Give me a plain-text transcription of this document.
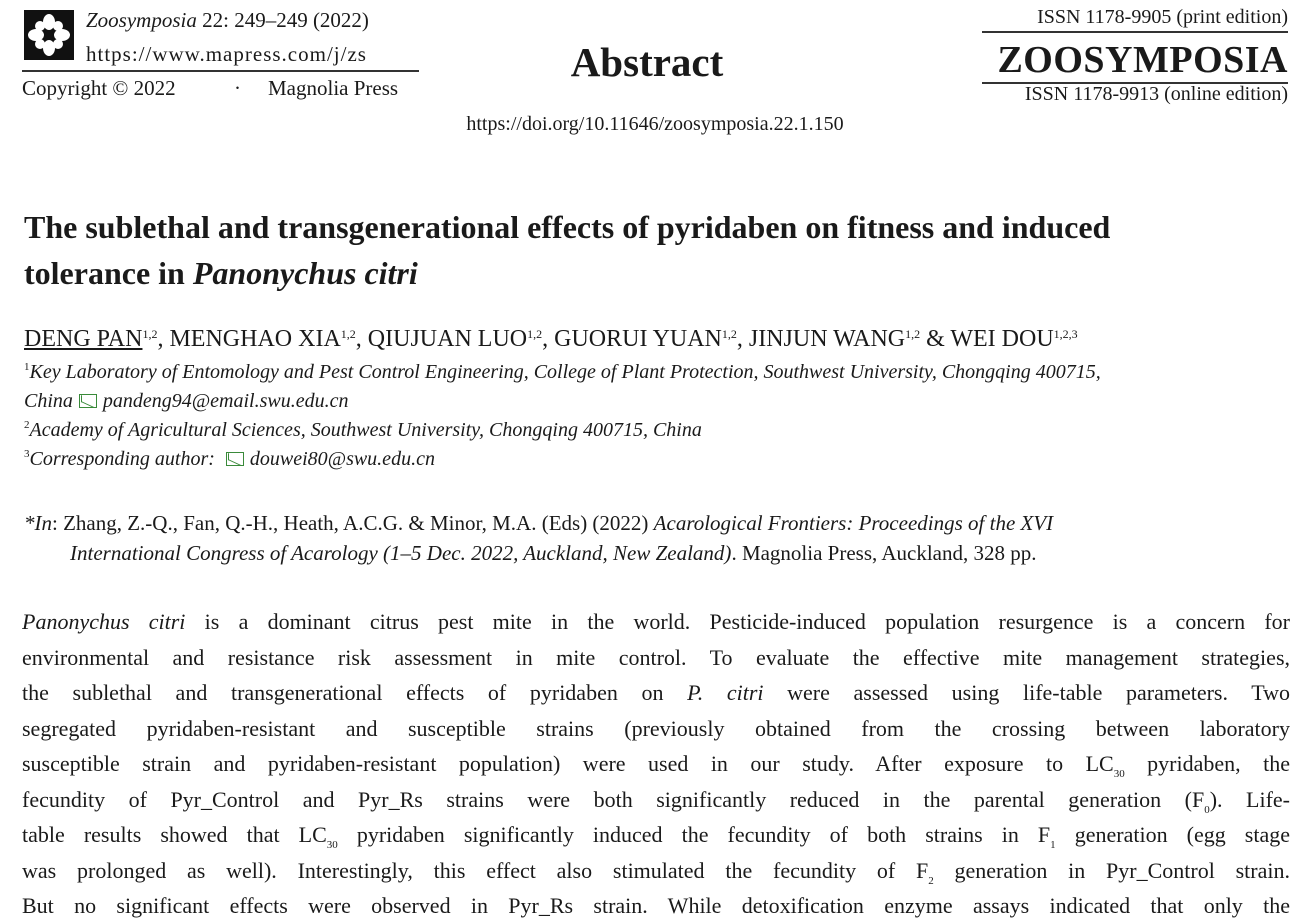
Zoosymposia 22: 249–249 (2022)
https://www.mapress.com/j/zs
Copyright © 2022	· Magnolia Press
Abstract
https://doi.org/10.11646/zoosymposia.22.1.150
ISSN 1178-9905 (print edition)
ZOOSYMPOSIA
ISSN 1178-9913 (online edition)
The sublethal and transgenerational effects of pyridaben on fitness and induced
tolerance in Panonychus citri
DENG PAN$^{1,2}$, MENGHAO XIA$^{1,2}$, QIUJUAN LUO$^{1,2}$, GUORUI YUAN$^{1,2}$, JINJUN WANG$^{1,2}$ & WEI DOU$^{1,2,3}$
$^1$Key Laboratory of Entomology and Pest Control Engineering, College of Plant Protection, Southwest University, Chongqing 400715,
China pandeng94@email.swu.edu.cn
$^2$Academy of Agricultural Sciences, Southwest University, Chongqing 400715, China
$^3$Corresponding author: douwei80@swu.edu.cn
*In: Zhang, Z.-Q., Fan, Q.-H., Heath, A.C.G. & Minor, M.A. (Eds) (2022) Acarological Frontiers: Proceedings of the XVI
International Congress of Acarology (1–5 Dec. 2022, Auckland, New Zealand). Magnolia Press, Auckland, 328 pp.
Panonychus citri is a dominant citrus pest mite in the world. Pesticide-induced population resurgence is a concern for
environmental and resistance risk assessment in mite control. To evaluate the effective mite management strategies,
the sublethal and transgenerational effects of pyridaben on P. citri were assessed using life-table parameters. Two
segregated pyridaben-resistant and susceptible strains (previously obtained from the crossing between laboratory
susceptible strain and pyridaben-resistant population) were used in our study. After exposure to $LC_{30}$ pyridaben, the
fecundity of Pyr_Control and Pyr_Rs strains were both significantly reduced in the parental generation $(F_0)$. Life-
table results showed that $LC_{30}$ pyridaben significantly induced the fecundity of both strains in $F_1$ generation (egg stage
was prolonged as well). Interestingly, this effect also stimulated the fecundity of $F_2$ generation in Pyr_Control strain.
But no significant effects were observed in Pyr_Rs strain. While detoxification enzyme assays indicated that only the
